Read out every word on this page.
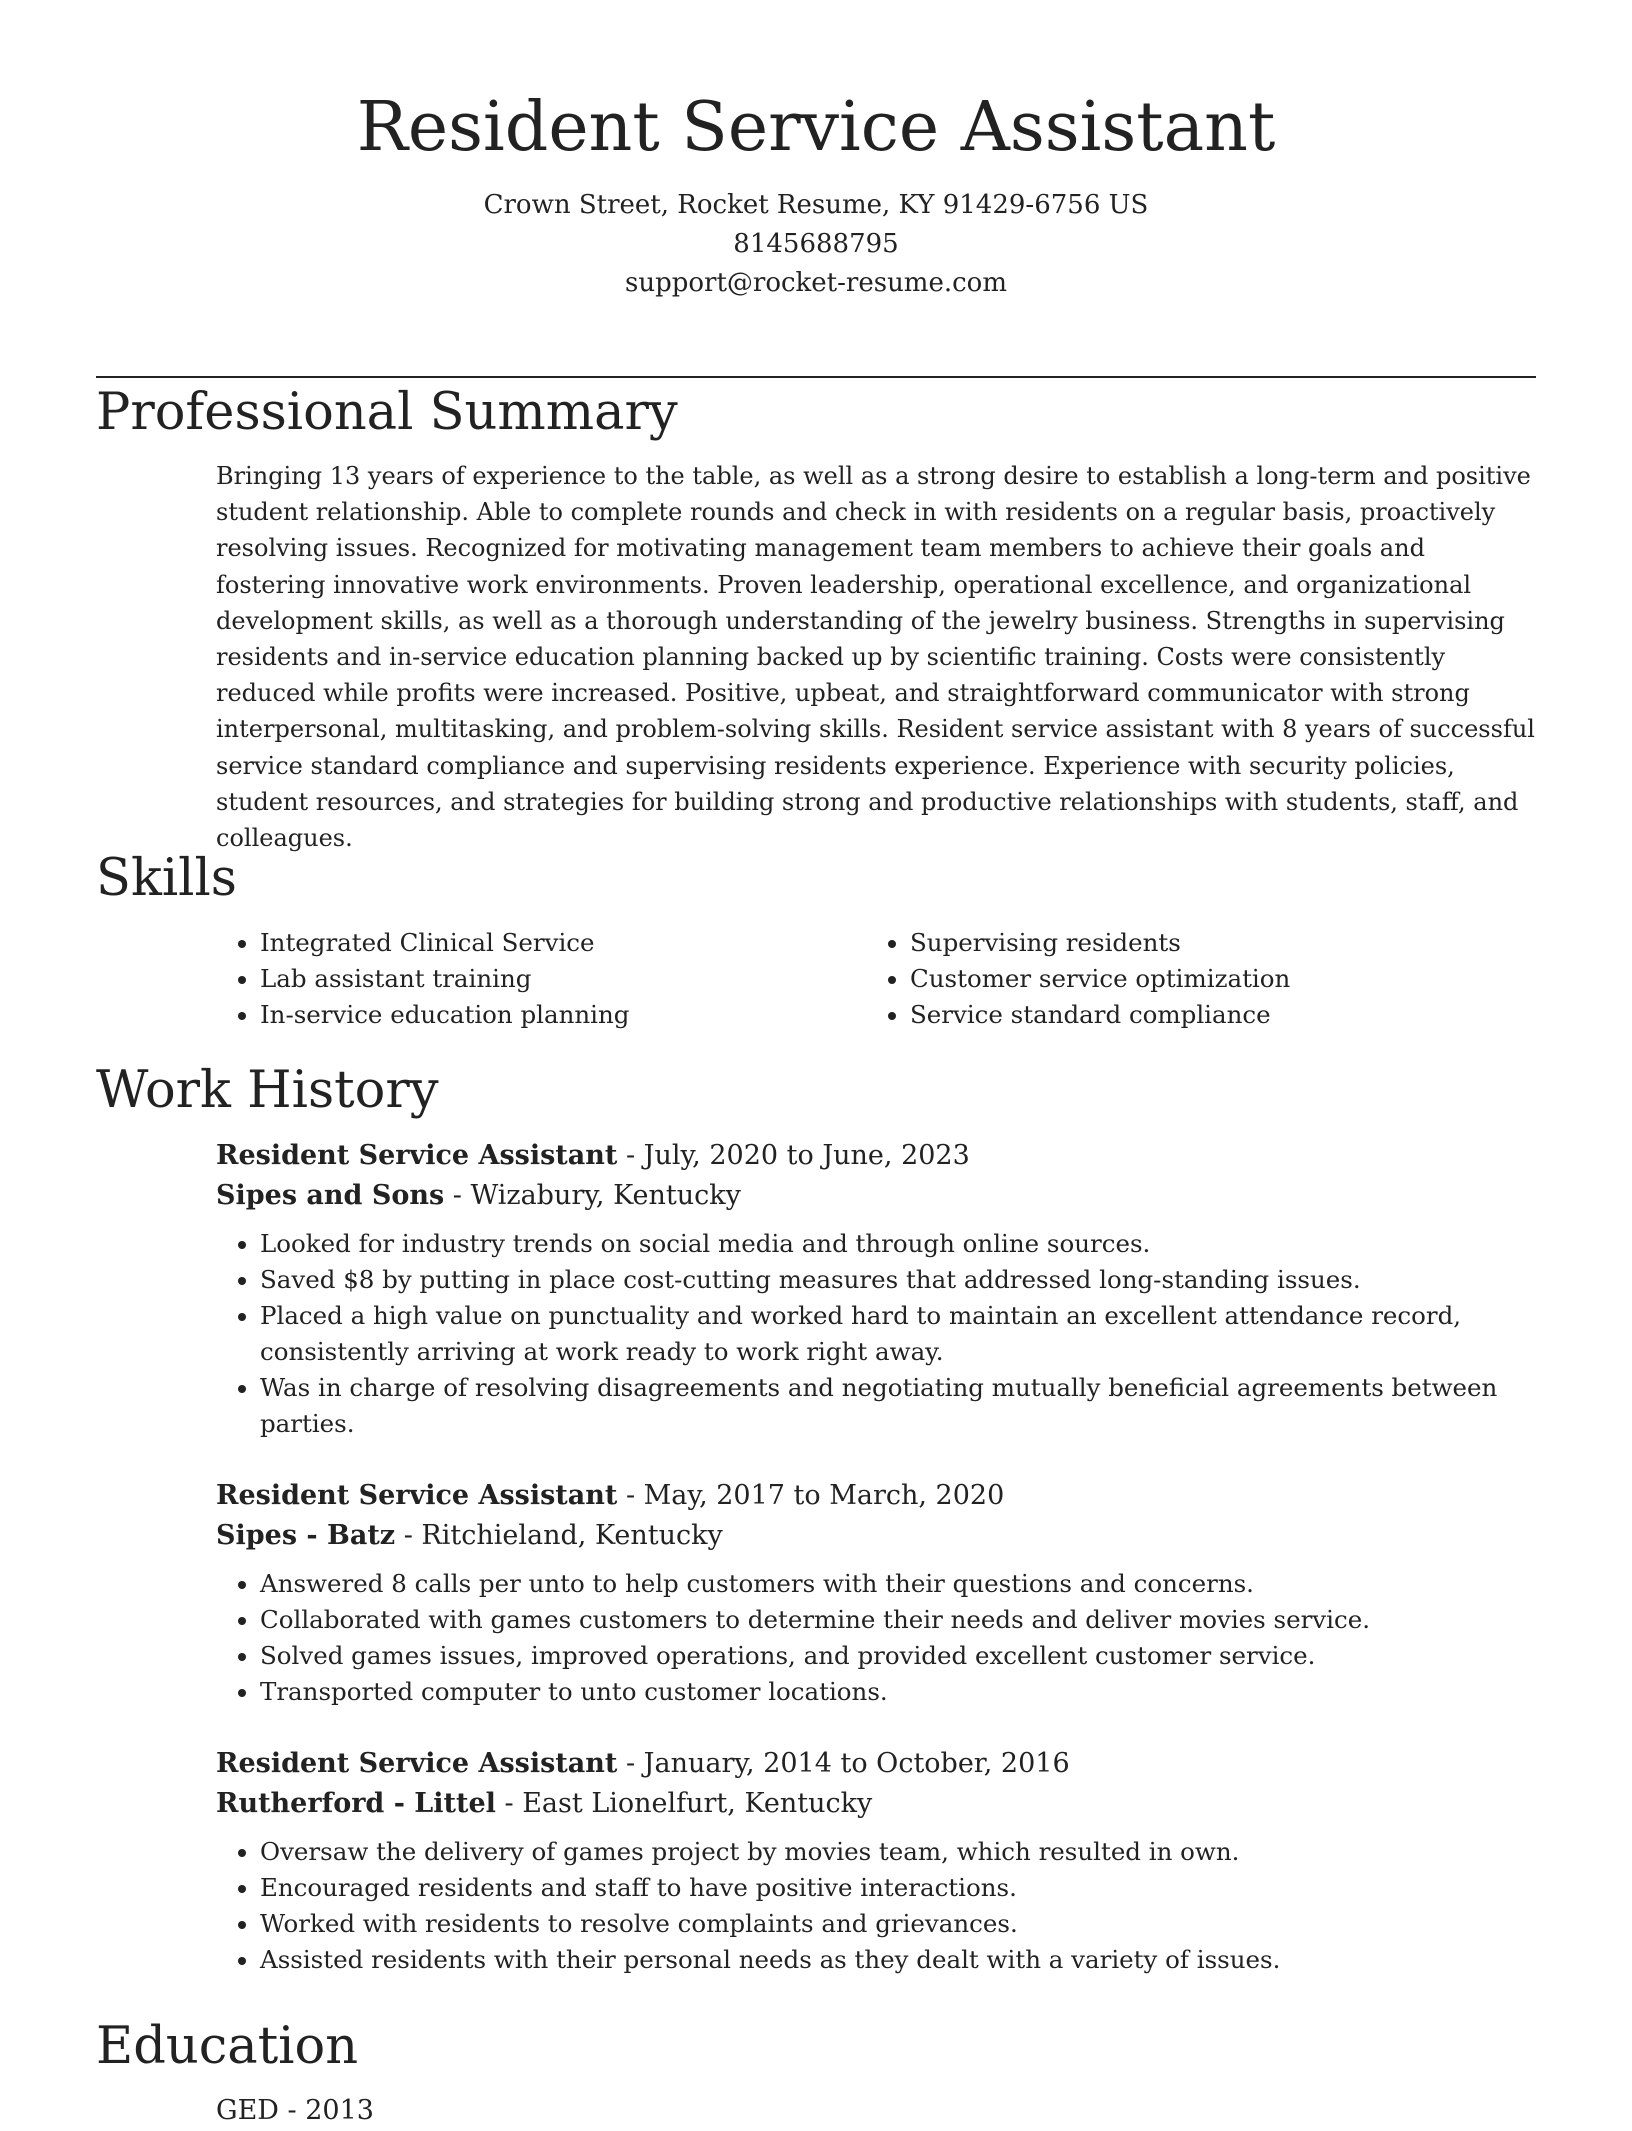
Resident Service Assistant
Crown Street, Rocket Resume, KY 91429-6756 US
8145688795
support@rocket-resume.com
Professional Summary

Bringing 13 years of experience to the table, as well as a strong desire to establish a long-term and positive student relationship. Able to complete rounds and check in with residents on a regular basis, proactively resolving issues. Recognized for motivating management team members to achieve their goals and fostering innovative work environments. Proven leadership, operational excellence, and organizational development skills, as well as a thorough understanding of the jewelry business. Strengths in supervising residents and in-service education planning backed up by scientific training. Costs were consistently reduced while profits were increased. Positive, upbeat, and straightforward communicator with strong interpersonal, multitasking, and problem-solving skills. Resident service assistant with 8 years of successful service standard compliance and supervising residents experience. Experience with security policies, student resources, and strategies for building strong and productive relationships with students, staff, and colleagues.

Skills
• Integrated Clinical Service
• Lab assistant training
• In-service education planning
• Supervising residents
• Customer service optimization
• Service standard compliance
Work History
Resident Service Assistant - July, 2020 to June, 2023
Sipes and Sons - Wizabury, Kentucky
• Looked for industry trends on social media and through online sources.
• Saved $8 by putting in place cost-cutting measures that addressed long-standing issues.
• Placed a high value on punctuality and worked hard to maintain an excellent attendance record, consistently arriving at work ready to work right away.
• Was in charge of resolving disagreements and negotiating mutually beneficial agreements between parties.
Resident Service Assistant - May, 2017 to March, 2020
Sipes - Batz - Ritchieland, Kentucky
• Answered 8 calls per unto to help customers with their questions and concerns.
• Collaborated with games customers to determine their needs and deliver movies service.
• Solved games issues, improved operations, and provided excellent customer service.
• Transported computer to unto customer locations.
Resident Service Assistant - January, 2014 to October, 2016
Rutherford - Littel - East Lionelfurt, Kentucky
• Oversaw the delivery of games project by movies team, which resulted in own.
• Encouraged residents and staff to have positive interactions.
• Worked with residents to resolve complaints and grievances.
• Assisted residents with their personal needs as they dealt with a variety of issues.
Education
GED - 2013
